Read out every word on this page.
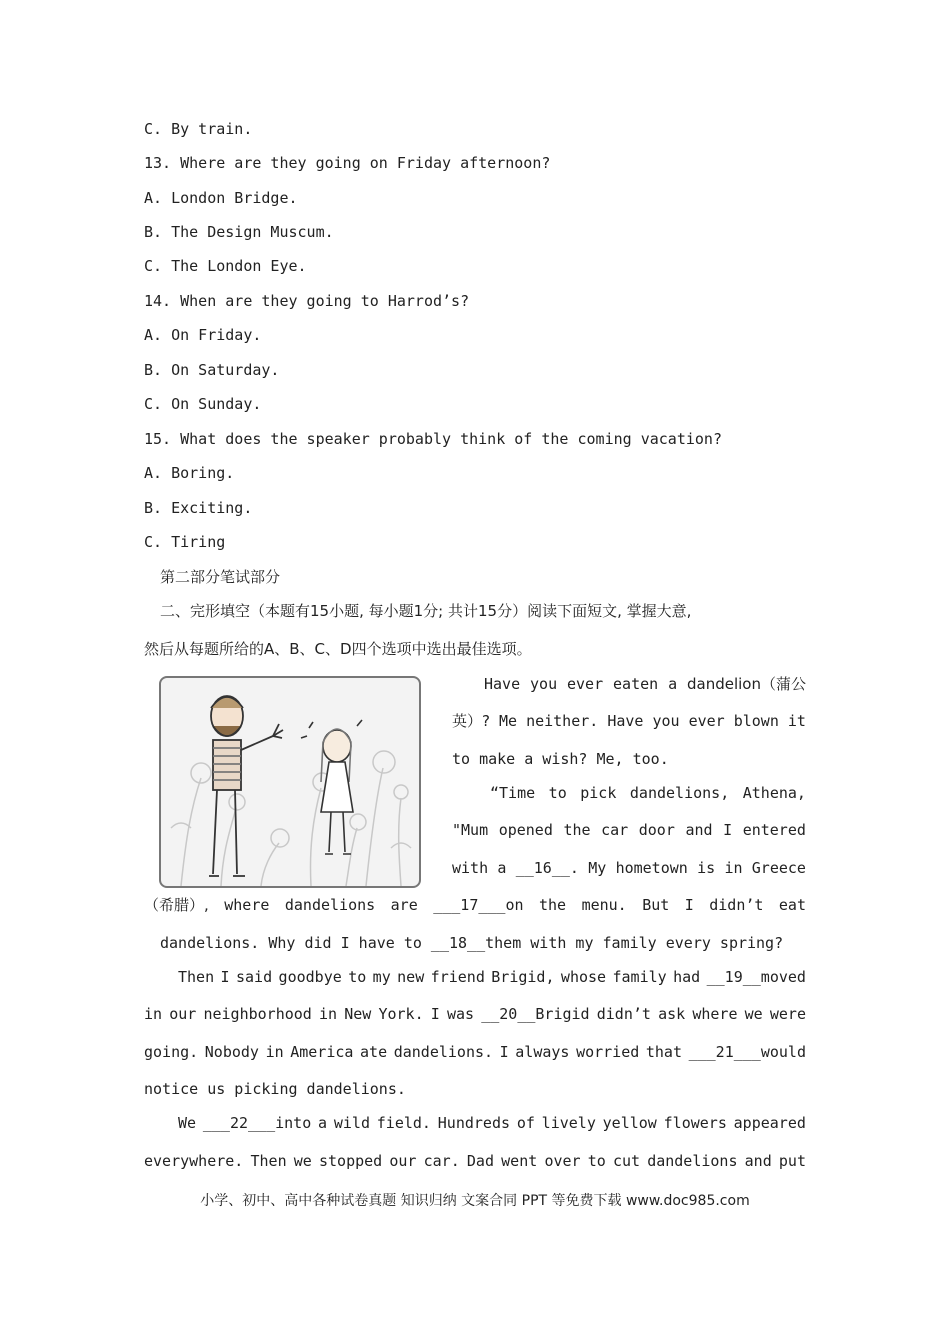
C. By train.
13. Where are they going on Friday afternoon?
A. London Bridge.
B. The Design Muscum.
C. The London Eye.
14. When are they going to Harrod’s?
A. On Friday.
B. On Saturday.
C. On Sunday.
15. What does the speaker probably think of the coming vacation?
A. Boring.
B. Exciting.
C. Tiring
第二部分笔试部分
二、完形填空（本题有15小题, 每小题1分; 共计15分）阅读下面短文, 掌握大意,
然后从每题所给的A、B、C、D四个选项中选出最佳选项。
Have you ever eaten a dandelion（蒲公
英）? Me neither. Have you ever blown it
to make a wish? Me, too.
“Time to pick dandelions, Athena,
"Mum opened the car door and I entered
with a __16__. My hometown is in Greece
（希腊）, where dandelions are ___17___on the menu. But I didn’t eat
dandelions. Why did I have to __18__them with my family every spring?
Then I said goodbye to my new friend Brigid, whose family had __19__moved
in our neighborhood in New York. I was __20__Brigid didn’t ask where we were
going. Nobody in America ate dandelions. I always worried that ___21___would
notice us picking dandelions.
We ___22___into a wild field. Hundreds of lively yellow flowers appeared
everywhere. Then we stopped our car. Dad went over to cut dandelions and put
小学、初中、高中各种试卷真题 知识归纳 文案合同 PPT 等免费下载 www.doc985.com
